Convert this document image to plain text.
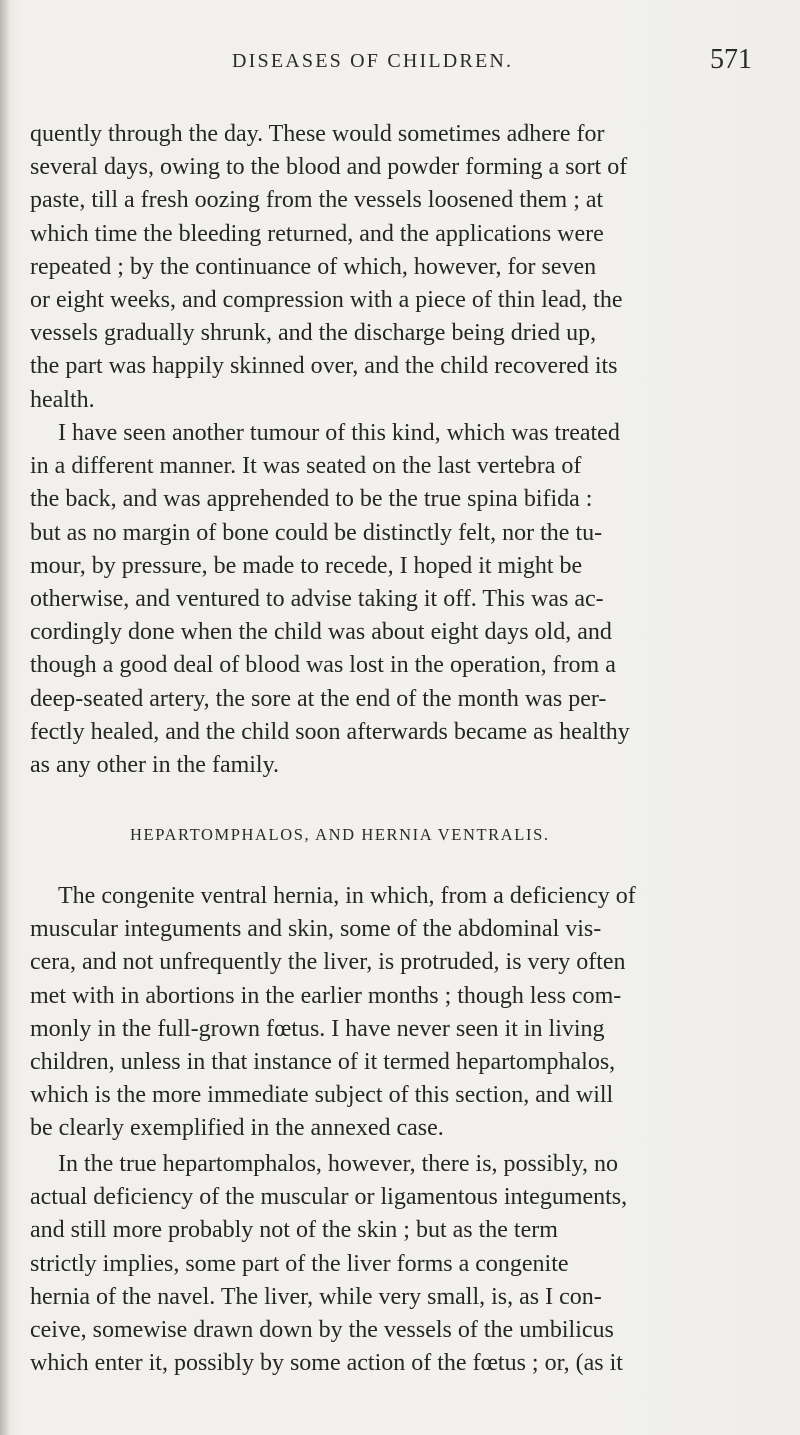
DISEASES OF CHILDREN.	571
quently through the day. These would sometimes adhere for
several days, owing to the blood and powder forming a sort of
paste, till a fresh oozing from the vessels loosened them ; at
which time the bleeding returned, and the applications were
repeated ; by the continuance of which, however, for seven
or eight weeks, and compression with a piece of thin lead, the
vessels gradually shrunk, and the discharge being dried up,
the part was happily skinned over, and the child recovered its
health.
I have seen another tumour of this kind, which was treated
in a different manner. It was seated on the last vertebra of
the back, and was apprehended to be the true spina bifida :
but as no margin of bone could be distinctly felt, nor the tu-
mour, by pressure, be made to recede, I hoped it might be
otherwise, and ventured to advise taking it off. This was ac-
cordingly done when the child was about eight days old, and
though a good deal of blood was lost in the operation, from a
deep-seated artery, the sore at the end of the month was per-
fectly healed, and the child soon afterwards became as healthy
as any other in the family.
HEPARTOMPHALOS, AND HERNIA VENTRALIS.
The congenite ventral hernia, in which, from a deficiency of
muscular integuments and skin, some of the abdominal vis-
cera, and not unfrequently the liver, is protruded, is very often
met with in abortions in the earlier months ; though less com-
monly in the full-grown fœtus. I have never seen it in living
children, unless in that instance of it termed hepartomphalos,
which is the more immediate subject of this section, and will
be clearly exemplified in the annexed case.
In the true hepartomphalos, however, there is, possibly, no
actual deficiency of the muscular or ligamentous integuments,
and still more probably not of the skin ; but as the term
strictly implies, some part of the liver forms a congenite
hernia of the navel. The liver, while very small, is, as I con-
ceive, somewise drawn down by the vessels of the umbilicus
which enter it, possibly by some action of the fœtus ; or, (as it
